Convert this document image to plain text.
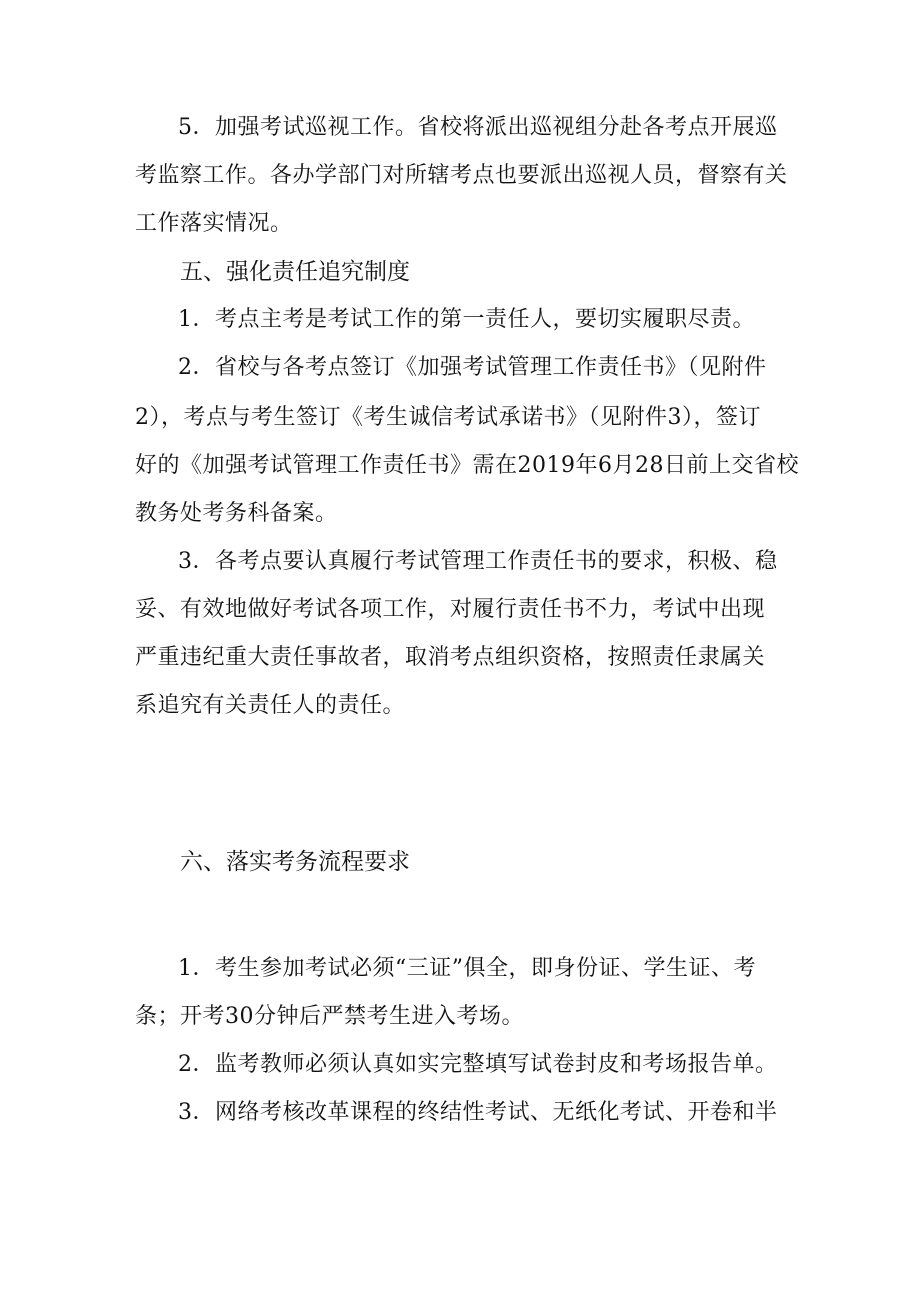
5．加强考试巡视工作。省校将派出巡视组分赴各考点开展巡
考监察工作。各办学部门对所辖考点也要派出巡视人员，督察有关
工作落实情况。
五、强化责任追究制度
1．考点主考是考试工作的第一责任人，要切实履职尽责。
2．省校与各考点签订《加强考试管理工作责任书》（见附件
2），考点与考生签订《考生诚信考试承诺书》（见附件3），签订
好的《加强考试管理工作责任书》需在2019年6月28日前上交省校
教务处考务科备案。
3．各考点要认真履行考试管理工作责任书的要求，积极、稳
妥、有效地做好考试各项工作，对履行责任书不力，考试中出现
严重违纪重大责任事故者，取消考点组织资格，按照责任隶属关
系追究有关责任人的责任。
六、落实考务流程要求
1．考生参加考试必须“三证”俱全，即身份证、学生证、考
条；开考30分钟后严禁考生进入考场。
2．监考教师必须认真如实完整填写试卷封皮和考场报告单。
3．网络考核改革课程的终结性考试、无纸化考试、开卷和半
